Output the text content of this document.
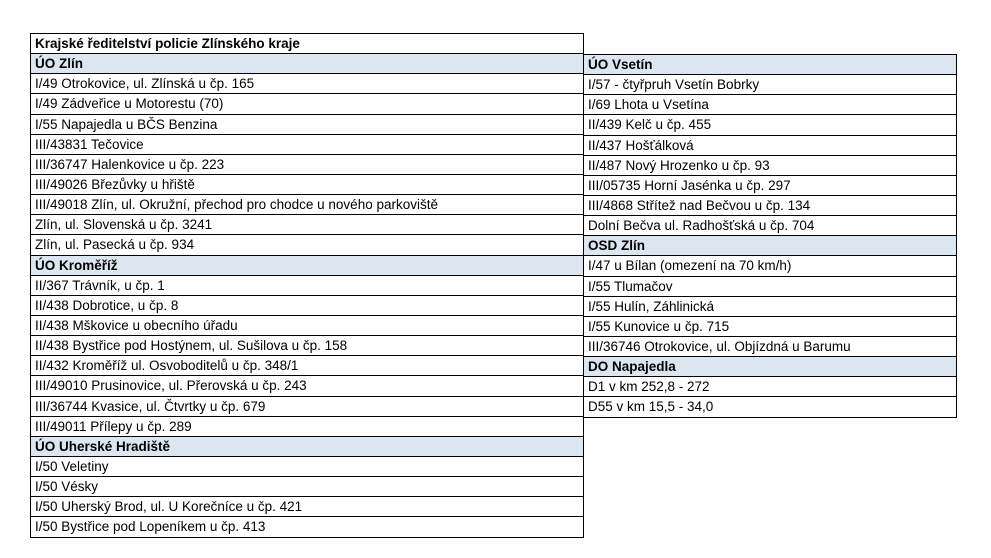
Krajské ředitelství policie Zlínského kraje
ÚO Zlín
I/49 Otrokovice, ul. Zlínská u čp. 165
I/49 Zádveřice u Motorestu (70)
I/55 Napajedla u BČS Benzina
III/43831 Tečovice
III/36747 Halenkovice u čp. 223
III/49026 Březůvky u hřiště
III/49018 Zlín, ul. Okružní, přechod pro chodce u nového parkoviště
Zlín, ul. Slovenská u čp. 3241
Zlín, ul. Pasecká u čp. 934
ÚO Kroměříž
II/367 Trávník, u čp. 1
II/438 Dobrotice, u čp. 8
II/438 Mškovice u obecního úřadu
II/438 Bystřice pod Hostýnem, ul. Sušilova u čp. 158
II/432 Kroměříž ul. Osvoboditelů u čp. 348/1
III/49010 Prusinovice, ul. Přerovská u čp. 243
III/36744 Kvasice, ul. Čtvrtky u čp. 679
III/49011 Přílepy u čp. 289
ÚO Uherské Hradiště
I/50 Veletiny
I/50 Vésky
I/50 Uherský Brod, ul. U Korečníce u čp. 421
I/50 Bystřice pod Lopeníkem u čp. 413
ÚO Vsetín
I/57 - čtyřpruh Vsetín Bobrky
I/69 Lhota u Vsetína
II/439 Kelč u čp. 455
II/437 Hošťálková
II/487 Nový Hrozenko u čp. 93
III/05735 Horní Jasénka u čp. 297
III/4868 Střítež nad Bečvou u čp. 134
Dolní Bečva ul. Radhošťská u čp. 704
OSD Zlín
I/47 u Bílan (omezení na 70 km/h)
I/55 Tlumačov
I/55 Hulín, Záhlinická
I/55 Kunovice u čp. 715
III/36746 Otrokovice, ul. Objízdná u Barumu
DO Napajedla
D1 v km 252,8 - 272
D55 v km 15,5 - 34,0
